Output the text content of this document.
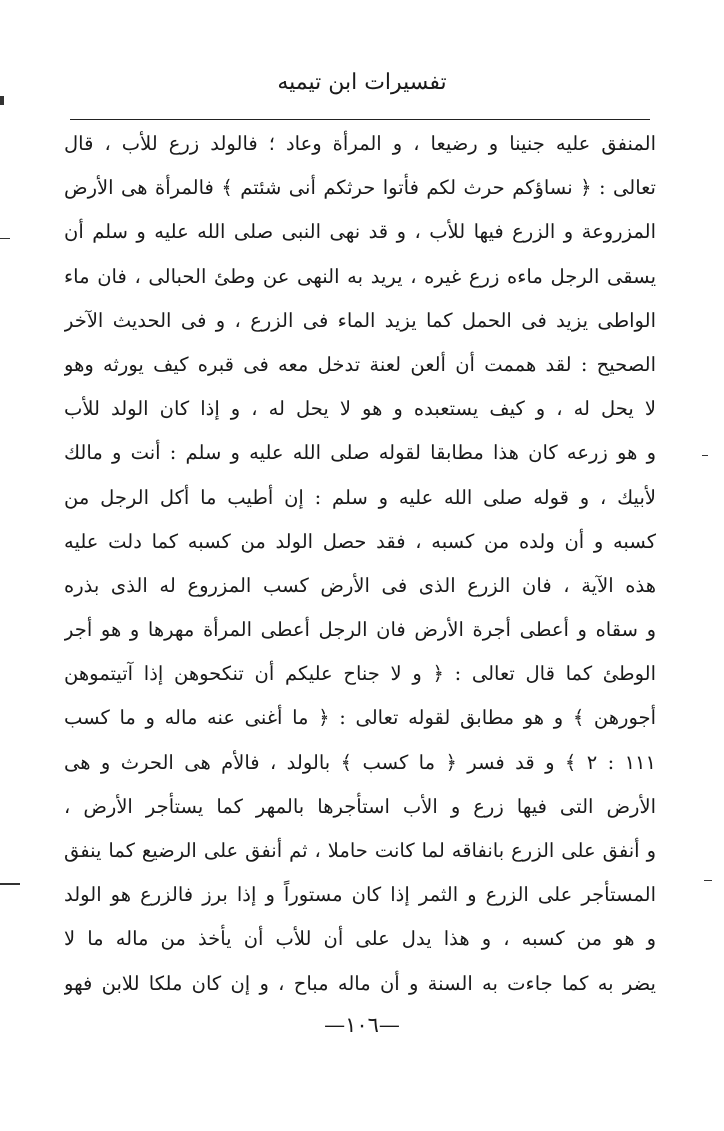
تفسيرات ابن تيميه
المنفق عليه جنينا و رضيعا ، و المرأة وعاد ؛ فالولد زرع للأب ، قال
تعالى : ﴿ نساؤكم حرث لكم فأتوا حرثكم أنى شئتم ﴾ فالمرأة هى الأرض
المزروعة و الزرع فيها للأب ، و قد نهى النبى صلى الله عليه و سلم أن
يسقى الرجل ماءه زرع غيره ، يريد به النهى عن وطئ الحبالى ، فان ماء
الواطى يزيد فى الحمل كما يزيد الماء فى الزرع ، و فى الحديث الآخر
الصحيح : لقد هممت أن ألعن لعنة تدخل معه فى قبره كيف يورثه وهو
لا يحل له ، و كيف يستعبده و هو لا يحل له ، و إذا كان الولد للأب
و هو زرعه كان هذا مطابقا لقوله صلى الله عليه و سلم : أنت و مالك
لأبيك ، و قوله صلى الله عليه و سلم : إن أطيب ما أكل الرجل من
كسبه و أن ولده من كسبه ، فقد حصل الولد من كسبه كما دلت عليه
هذه الآية ، فان الزرع الذى فى الأرض كسب المزروع له الذى بذره
و سقاه و أعطى أجرة الأرض فان الرجل أعطى المرأة مهرها و هو أجر
الوطئ كما قال تعالى : ﴿ و لا جناح عليكم أن تنكحوهن إذا آتيتموهن
أجورهن ﴾ و هو مطابق لقوله تعالى : ﴿ ما أغنى عنه ماله و ما كسب
١١١ : ٢ ﴾ و قد فسر ﴿ ما كسب ﴾ بالولد ، فالأم هى الحرث و هى
الأرض التى فيها زرع و الأب استأجرها بالمهر كما يستأجر الأرض ،
و أنفق على الزرع بانفاقه لما كانت حاملا ، ثم أنفق على الرضيع كما ينفق
المستأجر على الزرع و الثمر إذا كان مستوراً و إذا برز فالزرع هو الولد
و هو من كسبه ، و هذا يدل على أن للأب أن يأخذ من ماله ما لا
يضر به كما جاءت به السنة و أن ماله مباح ، و إن كان ملكا للابن فهو
—١٠٦—
